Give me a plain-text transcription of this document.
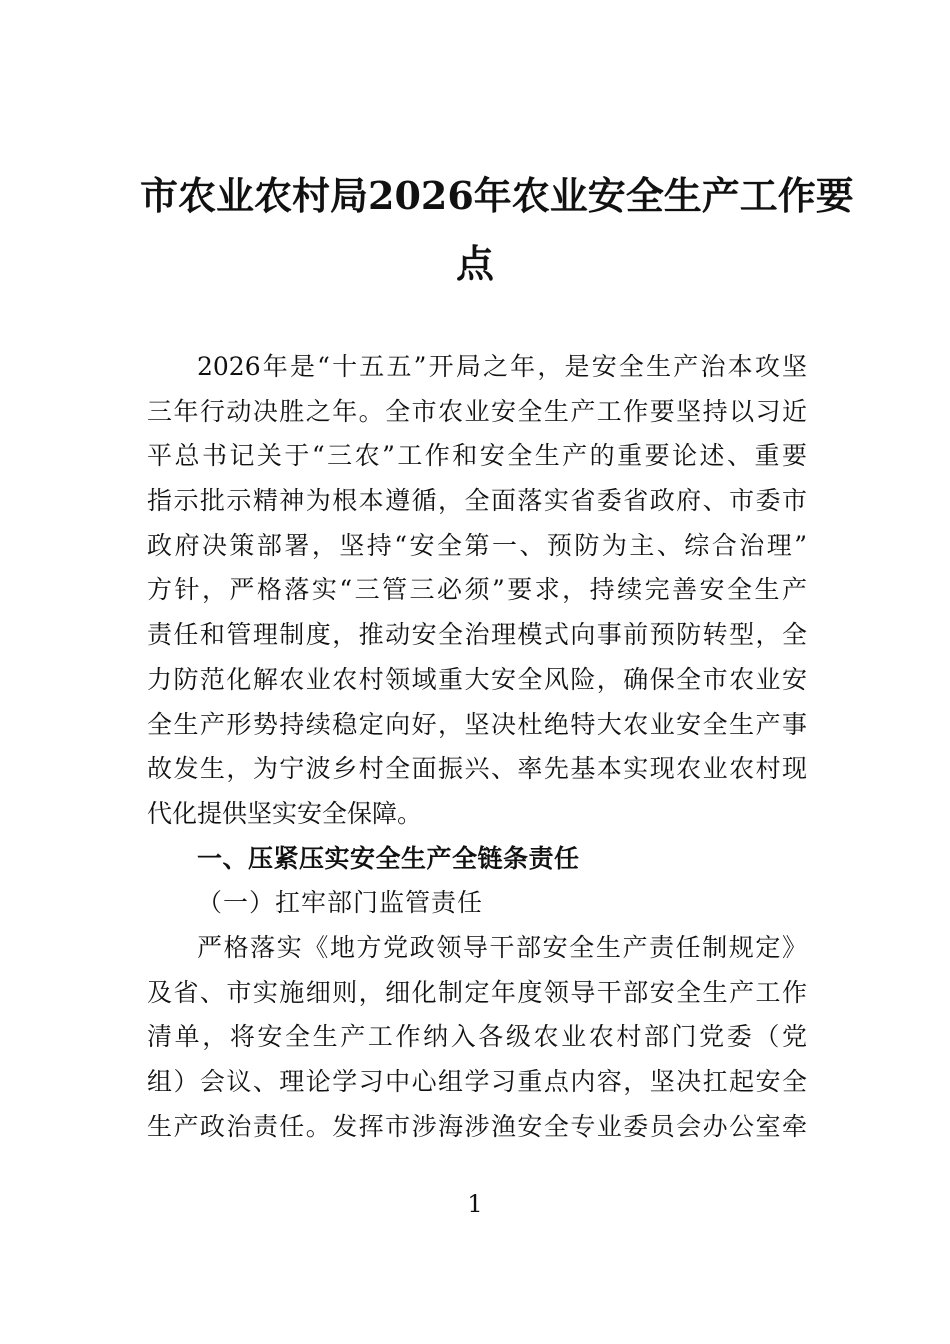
市农业农村局2026年农业安全生产工作要
点
2026年是“十五五”开局之年，是安全生产治本攻坚
三年行动决胜之年。全市农业安全生产工作要坚持以习近
平总书记关于“三农”工作和安全生产的重要论述、重要
指示批示精神为根本遵循，全面落实省委省政府、市委市
政府决策部署，坚持“安全第一、预防为主、综合治理”
方针，严格落实“三管三必须”要求，持续完善安全生产
责任和管理制度，推动安全治理模式向事前预防转型，全
力防范化解农业农村领域重大安全风险，确保全市农业安
全生产形势持续稳定向好，坚决杜绝特大农业安全生产事
故发生，为宁波乡村全面振兴、率先基本实现农业农村现
代化提供坚实安全保障。
一、压紧压实安全生产全链条责任
（一）扛牢部门监管责任
严格落实《地方党政领导干部安全生产责任制规定》
及省、市实施细则，细化制定年度领导干部安全生产工作
清单，将安全生产工作纳入各级农业农村部门党委（党
组）会议、理论学习中心组学习重点内容，坚决扛起安全
生产政治责任。发挥市涉海涉渔安全专业委员会办公室牵
1
